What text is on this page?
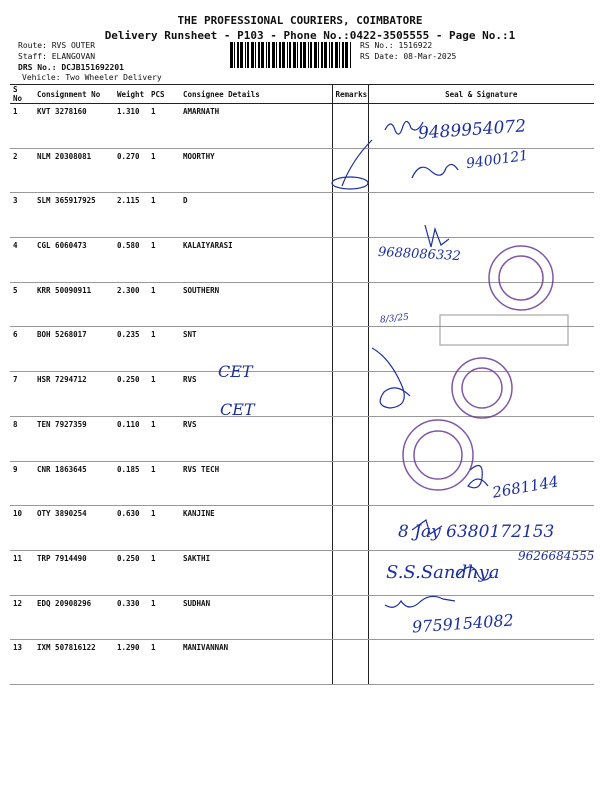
THE PROFESSIONAL COURIERS, COIMBATORE
Delivery Runsheet - P103 - Phone No.:0422-3505555 - Page No.:1
Route: RVS OUTER
Staff: ELANGOVAN
DRS No.: DCJB151692201
Vehicle: Two Wheeler Delivery
RS No.: 1516922
RS Date: 08-Mar-2025
S No	Consignment No	Weight	PCS	Consignee Details	Remarks	Seal & Signature
1	KVT 3278160	1.310	1	AMARNATH		
2	NLM 20308081	0.270	1	MOORTHY		
3	SLM 365917925	2.115	1	D		
4	CGL 6060473	0.580	1	KALAIYARASI		
5	KRR 50090911	2.300	1	SOUTHERN		
6	BOH 5268017	0.235	1	SNT		
7	HSR 7294712	0.250	1	RVS		
8	TEN 7927359	0.110	1	RVS		
9	CNR 1863645	0.185	1	RVS TECH		
10	OTY 3890254	0.630	1	KANJINE		
11	TRP 7914490	0.250	1	SAKTHI		
12	EDQ 20908296	0.330	1	SUDHAN		
13	IXM 507816122	1.290	1	MANIVANNAN		
9489954072
9400121
9688086332
8/3/25
CET
CET
2681144
8 Jay 6380172153
9626684555
S.S.Sandhya
9759154082
